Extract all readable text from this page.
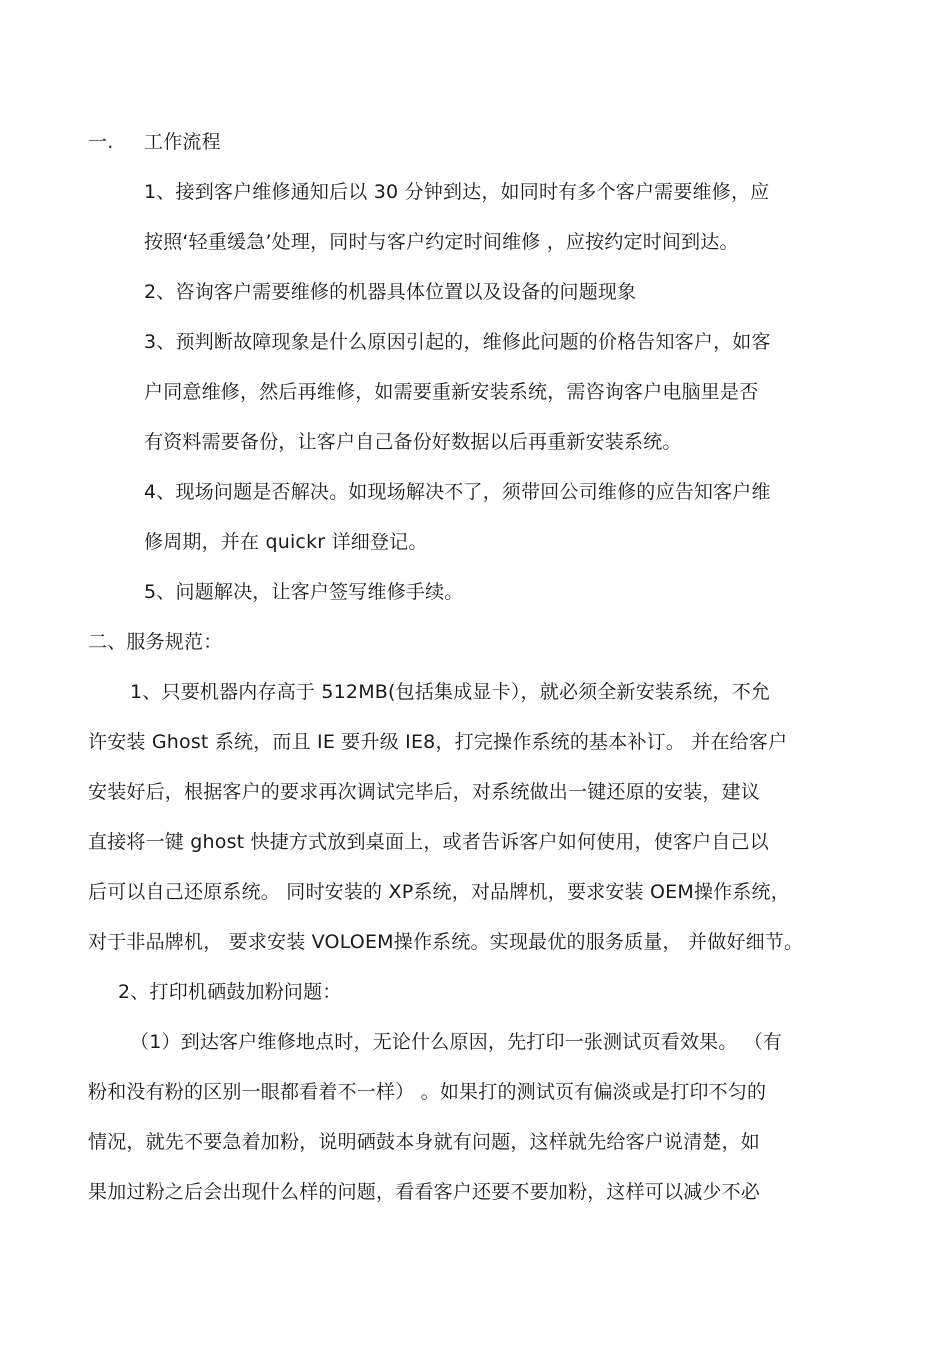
一. 工作流程
1、接到客户维修通知后以 30 分钟到达，如同时有多个客户需要维修，应
按照‘轻重缓急’处理，同时与客户约定时间维修 ，应按约定时间到达。
2、咨询客户需要维修的机器具体位置以及设备的问题现象
3、预判断故障现象是什么原因引起的，维修此问题的价格告知客户，如客
户同意维修，然后再维修，如需要重新安装系统，需咨询客户电脑里是否
有资料需要备份，让客户自己备份好数据以后再重新安装系统。
4、现场问题是否解决。如现场解决不了，须带回公司维修的应告知客户维
修周期，并在 quickr 详细登记。
5、问题解决，让客户签写维修手续。
二、服务规范：
1、只要机器内存高于 512MB(包括集成显卡），就必须全新安装系统，不允
许安装 Ghost 系统，而且 IE 要升级 IE8，打完操作系统的基本补订。 并在给客户
安装好后，根据客户的要求再次调试完毕后，对系统做出一键还原的安装，建议
直接将一键 ghost 快捷方式放到桌面上，或者告诉客户如何使用，使客户自己以
后可以自己还原系统。 同时安装的 XP系统，对品牌机，要求安装 OEM操作系统，
对于非品牌机， 要求安装 VOLOEM操作系统。实现最优的服务质量， 并做好细节。
2、打印机硒鼓加粉问题：
（1）到达客户维修地点时，无论什么原因，先打印一张测试页看效果。 （有
粉和没有粉的区别一眼都看着不一样） 。如果打的测试页有偏淡或是打印不匀的
情况，就先不要急着加粉，说明硒鼓本身就有问题，这样就先给客户说清楚，如
果加过粉之后会出现什么样的问题，看看客户还要不要加粉，这样可以减少不必
